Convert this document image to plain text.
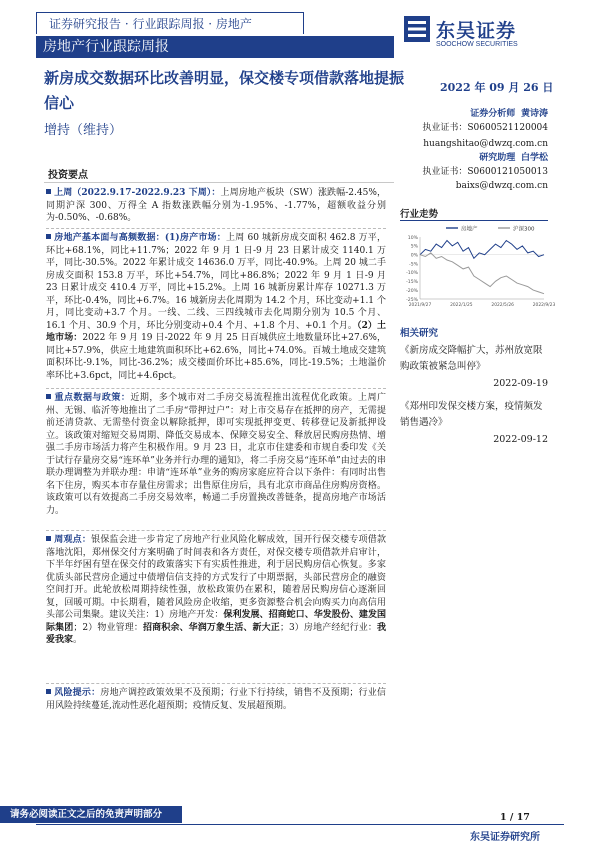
证券研究报告 · 行业跟踪周报 · 房地产
房地产行业跟踪周报
东吴证券
SOOCHOW SECURITIES
新房成交数据环比改善明显，保交楼专项借款落地提振信心
增持（维持）
2022 年 09 月 26 日
证券分析师 黄诗涛
执业证书：S0600521120004
huangshitao@dwzq.com.cn
研究助理 白学松
执业证书：S0600121050013
baixs@dwzq.com.cn
投资要点
上周（2022.9.17-2022.9.23 下周）：上周房地产板块（SW）涨跌幅-2.45%，同期沪深 300、万得全 A 指数涨跌幅分别为-1.95%、-1.77%，超额收益分别为-0.50%、-0.68%。
房地产基本面与高频数据：(1)房产市场：上周 60 城新房成交面积 462.8 万平，环比+68.1%，同比+11.7%；2022 年 9 月 1 日-9 月 23 日累计成交 1140.1 万平，同比-30.5%。2022 年累计成交 14636.0 万平，同比-40.9%。上周 20 城二手房成交面积 153.8 万平，环比+54.7%，同比+86.8%；2022 年 9 月 1 日-9 月 23 日累计成交 410.4 万平，同比+15.2%。上周 16 城新房累计库存 10271.3 万平，环比-0.4%，同比+6.7%。16 城新房去化周期为 14.2 个月，环比变动+1.1 个月，同比变动+3.7 个月。一线、二线、三四线城市去化周期分别为 10.5 个月、16.1 个月、30.9 个月，环比分别变动+0.4 个月、+1.8 个月、+0.1 个月。（2）土地市场：2022 年 9 月 19 日-2022 年 9 月 25 日百城供应土地数量环比+27.6%，同比+57.9%，供应土地建筑面积环比+62.6%，同比+74.0%。百城土地成交建筑面积环比-9.1%，同比-36.2%；成交楼面价环比+85.6%，同比-19.5%；土地溢价率环比+3.6pct，同比+4.6pct。
重点数据与政策：近期，多个城市对二手房交易流程推出流程优化政策。上周广州、无锡、临沂等地推出了二手房“带押过户”：对上市交易存在抵押的房产，无需提前还清贷款、无需垫付资金以解除抵押，即可实现抵押变更、转移登记及新抵押设立。该政策对缩短交易周期、降低交易成本、保障交易安全、释放居民购房热情、增强二手房市场活力将产生积极作用。9 月 23 日，北京市住建委和市规自委印发《关于试行存量房交易“连环单”业务并行办理的通知》，将二手房交易“连环单”由过去的串联办理调整为并联办理：申请“连环单”业务的购房家庭应符合以下条件：有同时出售名下住房，购买本市存量住房需求；出售原住房后，具有北京市商品住房购房资格。该政策可以有效提高二手房交易效率，畅通二手房置换改善链条，提高房地产市场活力。
周观点：银保监会进一步肯定了房地产行业风险化解成效，国开行保交楼专项借款落地沈阳，郑州保交付方案明确了时间表和各方责任，对保交楼专项借款并启审计，下半年纾困有望在保交付的政策落实下有实质性推进，利于居民购房信心恢复。多家优质头部民营房企通过中债增信信支持的方式发行了中期票据，头部民营房企的融资空间打开。此轮放松周期持续性强，放松政策仍在累积，随着居民购房信心逐渐回复，回暖可期。中长期看，随着风险房企收缩，更多资源整合机会向购买力向高信用头部公司集聚。建议关注：1）房地产开发：保利发展、招商蛇口、华发股份、建发国际集团；2）物业管理：招商积余、华润万象生活、新大正；3）房地产经纪行业：我爱我家。
风险提示：房地产调控政策效果不及预期；行业下行持续，销售不及预期；行业信用风险持续蔓延,流动性恶化超预期；疫情反复、发展超预期。
行业走势
房地产	沪深300
10%
5%
0%
-5%
-10%
-15%
-20%
-25%
2021/9/27	2022/1/25	2022/5/26	2022/9/23
相关研究
《新房成交降幅扩大，苏州放宽限购政策被紧急叫停》
2022-09-19
《郑州印发保交楼方案，疫情频发销售遇冷》
2022-09-12
1 / 17
请务必阅读正文之后的免责声明部分
东吴证券研究所
